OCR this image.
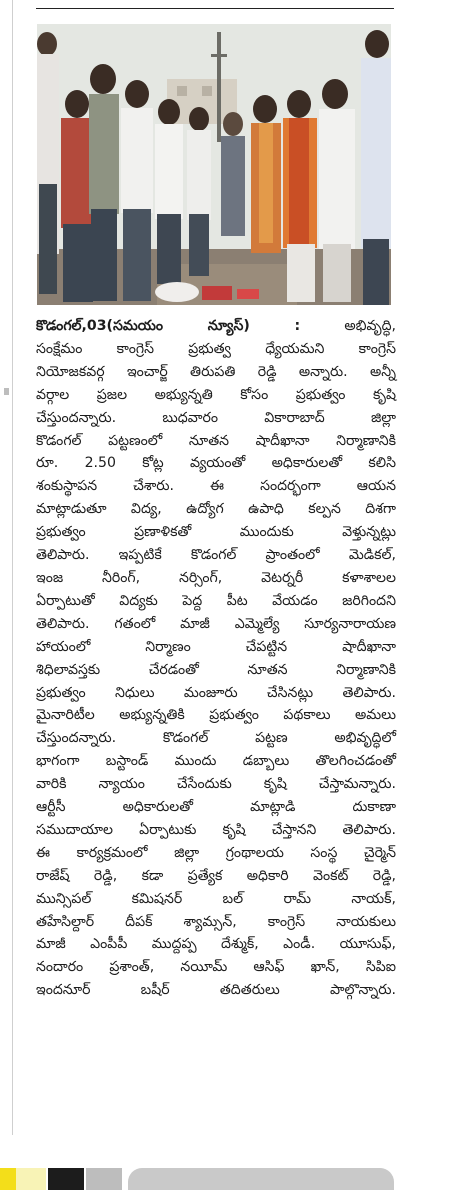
కొడంగల్,03(సమయం న్యూస్) : అభివృద్ధి,
సంక్షేమం కాంగ్రెస్ ప్రభుత్వ ధ్యేయమని కాంగ్రెస్
నియోజకవర్గ ఇంచార్జ్ తిరుపతి రెడ్డి అన్నారు. అన్నీ
వర్గాల ప్రజల అభ్యున్నతి కోసం ప్రభుత్వం కృషి
చేస్తుందన్నారు. బుధవారం వికారాబాద్ జిల్లా
కొడంగల్ పట్టణంలో నూతన షాదీఖానా నిర్మాణానికి
రూ. 2.50 కోట్ల వ్యయంతో అధికారులతో కలిసి
శంకుస్థాపన చేశారు. ఈ సందర్భంగా ఆయన
మాట్లాడుతూ విద్య, ఉద్యోగ ఉపాధి కల్పన దిశగా
ప్రభుత్వం ప్రణాళికతో ముందుకు వెళ్తున్నట్లు
తెలిపారు. ఇప్పటికే కొడంగల్ ప్రాంతంలో మెడికల్,
ఇంజ నీరింగ్, నర్సింగ్, వెటర్నరీ కళాశాలల
ఏర్పాటుతో విద్యకు పెద్ద పీట వేయడం జరిగిందని
తెలిపారు. గతంలో మాజీ ఎమ్మెల్యే సూర్యనారాయణ
హాయంలో నిర్మాణం చేపట్టిన షాదీఖానా
శిధిలావస్తకు చేరడంతో నూతన నిర్మాణానికి
ప్రభుత్వం నిధులు మంజూరు చేసినట్లు తెలిపారు.
మైనారిటీల అభ్యున్నతికి ప్రభుత్వం పథకాలు అమలు
చేస్తుందన్నారు. కొడంగల్ పట్టణ అభివృద్ధిలో
భాగంగా బస్టాండ్ ముందు డబ్బాలు తొలగించడంతో
వారికి న్యాయం చేసేందుకు కృషి చేస్తామన్నారు.
ఆర్టీసీ అధికారులతో మాట్లాడి దుకాణా
సముదాయాల ఏర్పాటుకు కృషి చేస్తానని తెలిపారు.
ఈ కార్యక్రమంలో జిల్లా గ్రంథాలయ సంస్థ చైర్మెన్
రాజేష్ రెడ్డి, కడా ప్రత్యేక అధికారి వెంకట్ రెడ్డి,
మున్సిపల్ కమిషనర్ బల్ రామ్ నాయక్,
తహేసిల్దార్ దీపక్ శ్యామ్సన్, కాంగ్రెస్ నాయకులు
మాజీ ఎంపీపీ ముద్దప్ప దేశ్ముక్, ఎండీ. యూసుఫ్,
నందారం ప్రశాంత్, నయీమ్ ఆసిఫ్ ఖాన్, సిపిఐ
ఇందనూర్ బషీర్ తదితరులు పాల్గొన్నారు.
